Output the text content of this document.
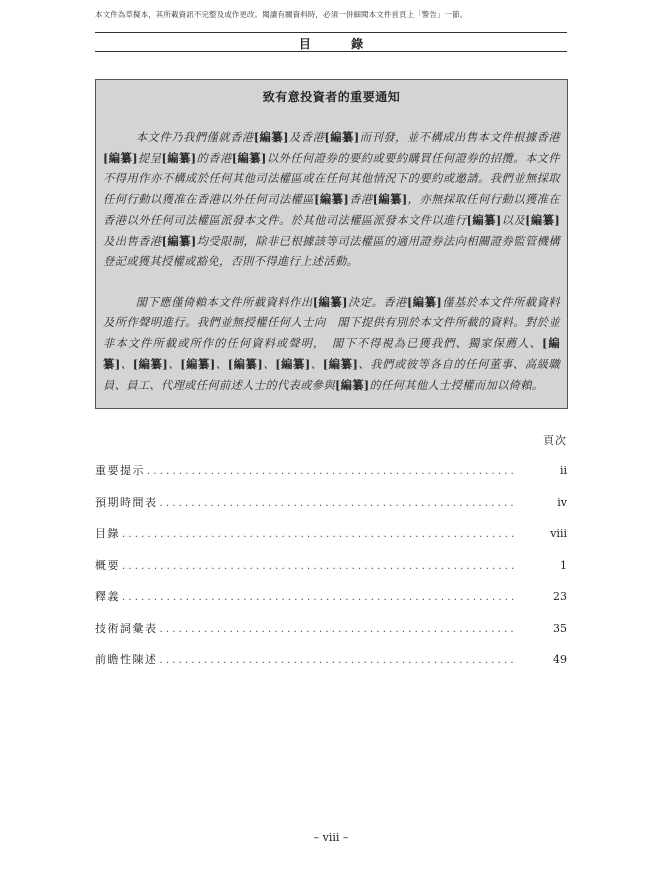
本文件為草擬本，其所載資訊不完整及或作更改。閱讀有關資料時，必須一併細閱本文件首頁上「警告」一節。
目 錄
致有意投資者的重要通知

本文件乃我們僅就香港[編纂]及香港[編纂]而刊發，並不構成出售本文件根據香港[編纂]提呈[編纂]的香港[編纂]以外任何證券的要約或要約購買任何證券的招攬。本文件不得用作亦不構成於任何其他司法權區或在任何其他情況下的要約或邀請。我們並無採取任何行動以獲准在香港以外任何司法權區[編纂]香港[編纂]，亦無採取任何行動以獲准在香港以外任何司法權區派發本文件。於其他司法權區派發本文件以進行[編纂]以及[編纂]及出售香港[編纂]均受限制，除非已根據該等司法權區的適用證券法向相關證券監管機構登記或獲其授權或豁免，否則不得進行上述活動。

閣下應僅倚賴本文件所載資料作出[編纂]決定。香港[編纂]僅基於本文件所載資料及所作聲明進行。我們並無授權任何人士向　閣下提供有別於本文件所載的資料。對於並非本文件所載或所作的任何資料或聲明，　閣下不得視為已獲我們、獨家保薦人、[編纂]、[編纂]、[編纂]、[編纂]、[編纂]、[編纂]、我們或彼等各自的任何董事、高級職員、員工、代理或任何前述人士的代表或參與[編纂]的任何其他人士授權而加以倚賴。

頁次
重要提示 .....	ii
預期時間表 .....	iv
目錄 .....	viii
概要 .....	1
釋義 .....	23
技術詞彙表 .....	35
前瞻性陳述 .....	49
– viii –
